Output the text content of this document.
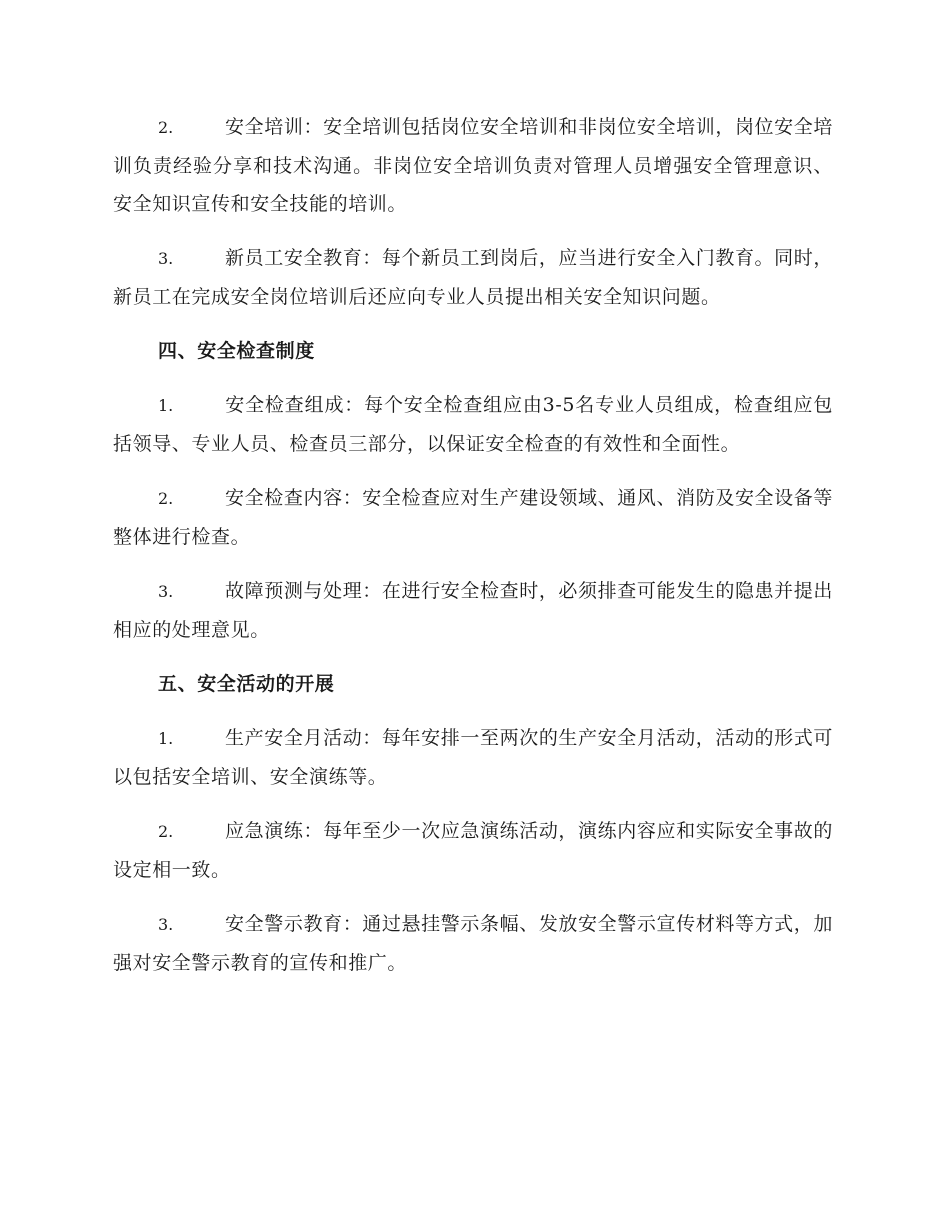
2.	安全培训：安全培训包括岗位安全培训和非岗位安全培训，岗位安全培训负责经验分享和技术沟通。非岗位安全培训负责对管理人员增强安全管理意识、安全知识宣传和安全技能的培训。

3.	新员工安全教育：每个新员工到岗后，应当进行安全入门教育。同时，新员工在完成安全岗位培训后还应向专业人员提出相关安全知识问题。

四、安全检查制度

1.	安全检查组成：每个安全检查组应由3-5名专业人员组成，检查组应包括领导、专业人员、检查员三部分，以保证安全检查的有效性和全面性。

2.	安全检查内容：安全检查应对生产建设领域、通风、消防及安全设备等整体进行检查。

3.	故障预测与处理：在进行安全检查时，必须排查可能发生的隐患并提出相应的处理意见。

五、安全活动的开展

1.	生产安全月活动：每年安排一至两次的生产安全月活动，活动的形式可以包括安全培训、安全演练等。

2.	应急演练：每年至少一次应急演练活动，演练内容应和实际安全事故的设定相一致。

3.	安全警示教育：通过悬挂警示条幅、发放安全警示宣传材料等方式，加强对安全警示教育的宣传和推广。
